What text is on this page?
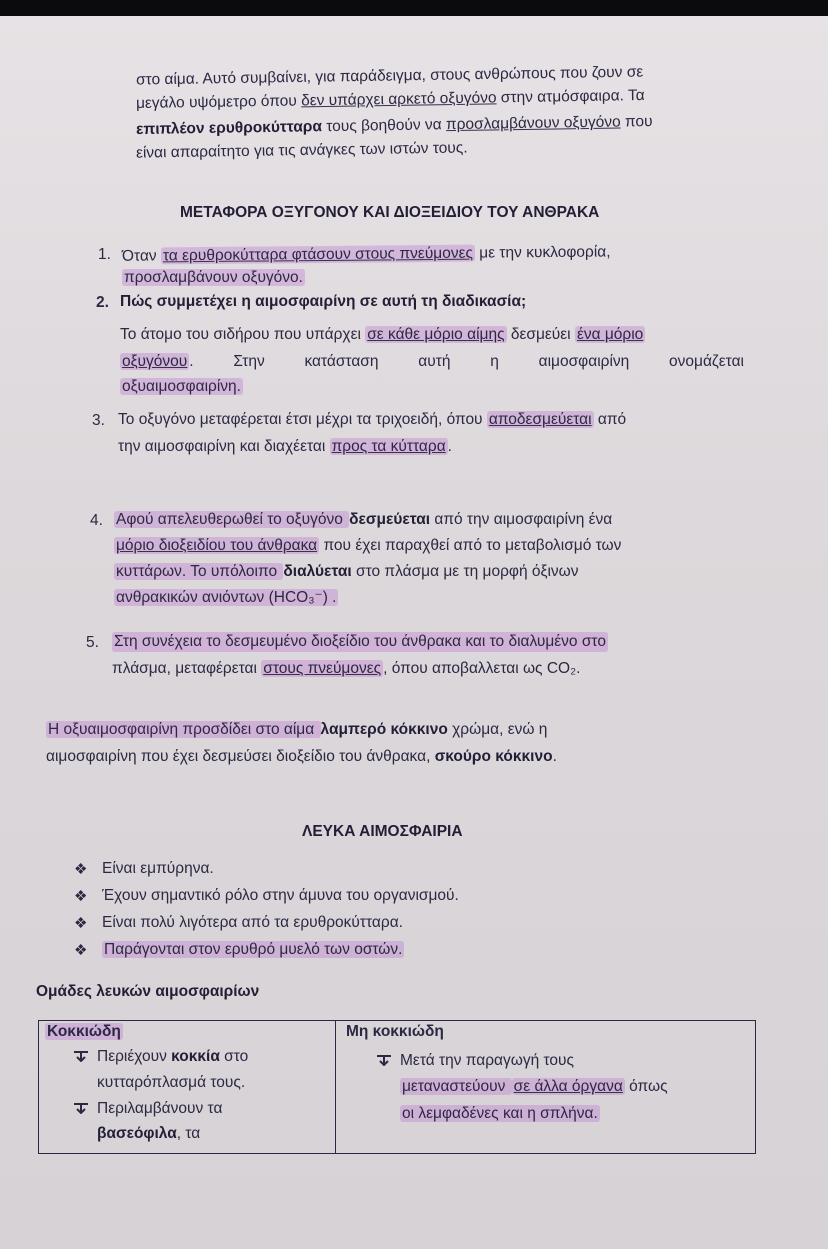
στο αίμα. Αυτό συμβαίνει, για παράδειγμα, στους ανθρώπους που ζουν σε
μεγάλο υψόμετρο όπου δεν υπάρχει αρκετό οξυγόνο στην ατμόσφαιρα. Τα
επιπλέον ερυθροκύτταρα τους βοηθούν να προσλαμβάνουν οξυγόνο που
είναι απαραίτητο για τις ανάγκες των ιστών τους.
ΜΕΤΑΦΟΡΑ ΟΞΥΓΟΝΟΥ ΚΑΙ ΔΙΟΞΕΙΔΙΟΥ ΤΟΥ ΑΝΘΡΑΚΑ
1. Όταν τα ερυθροκύτταρα φτάσουν στους πνεύμονες με την κυκλοφορία,
προσλαμβάνουν οξυγόνο.
2. Πώς συμμετέχει η αιμοσφαιρίνη σε αυτή τη διαδικασία;
Το άτομο του σιδήρου που υπάρχει σε κάθε μόριο αίμης δεσμεύει ένα μόριο
οξυγόνου .	Στην	κατάσταση	αυτή	η	αιμοσφαιρίνη	ονομάζεται
οξυαιμοσφαιρίνη.
3. Το οξυγόνο μεταφέρεται έτσι μέχρι τα τριχοειδή, όπου αποδεσμεύεται από
την αιμοσφαιρίνη και διαχέεται προς τα κύτταρα .
4. Αφού απελευθερωθεί το οξυγόνο δεσμεύεται από την αιμοσφαιρίνη ένα
μόριο διοξειδίου του άνθρακα που έχει παραχθεί από το μεταβολισμό των
κυττάρων. Το υπόλοιπο διαλύεται στο πλάσμα με τη μορφή όξινων
ανθρακικών ανιόντων (HCO₃⁻) .
5. Στη συνέχεια το δεσμευμένο διοξείδιο του άνθρακα και το διαλυμένο στο
πλάσμα, μεταφέρεται στους πνεύμονες , όπου αποβαλλεται ως CO₂.
Η οξυαιμοσφαιρίνη προσδίδει στο αίμα λαμπερό κόκκινο χρώμα, ενώ η
αιμοσφαιρίνη που έχει δεσμεύσει διοξείδιο του άνθρακα, σκούρο κόκκινο.
ΛΕΥΚΑ ΑΙΜΟΣΦΑΙΡΙΑ
❖ Είναι εμπύρηνα.
❖ Έχουν σημαντικό ρόλο στην άμυνα του οργανισμού.
❖ Είναι πολύ λιγότερα από τα ερυθροκύτταρα.
❖ Παράγονται στον ερυθρό μυελό των οστών.
Ομάδες λευκών αιμοσφαιρίων
Κοκκιώδη
Περιέχουν κοκκία στο
κυτταρόπλασμά τους.
Περιλαμβάνουν τα
βασεόφιλα, τα

Μη κοκκιώδη
Μετά την παραγωγή τους
μεταναστεύουν σε άλλα όργανα όπως
οι λεμφαδένες και η σπλήνα.
